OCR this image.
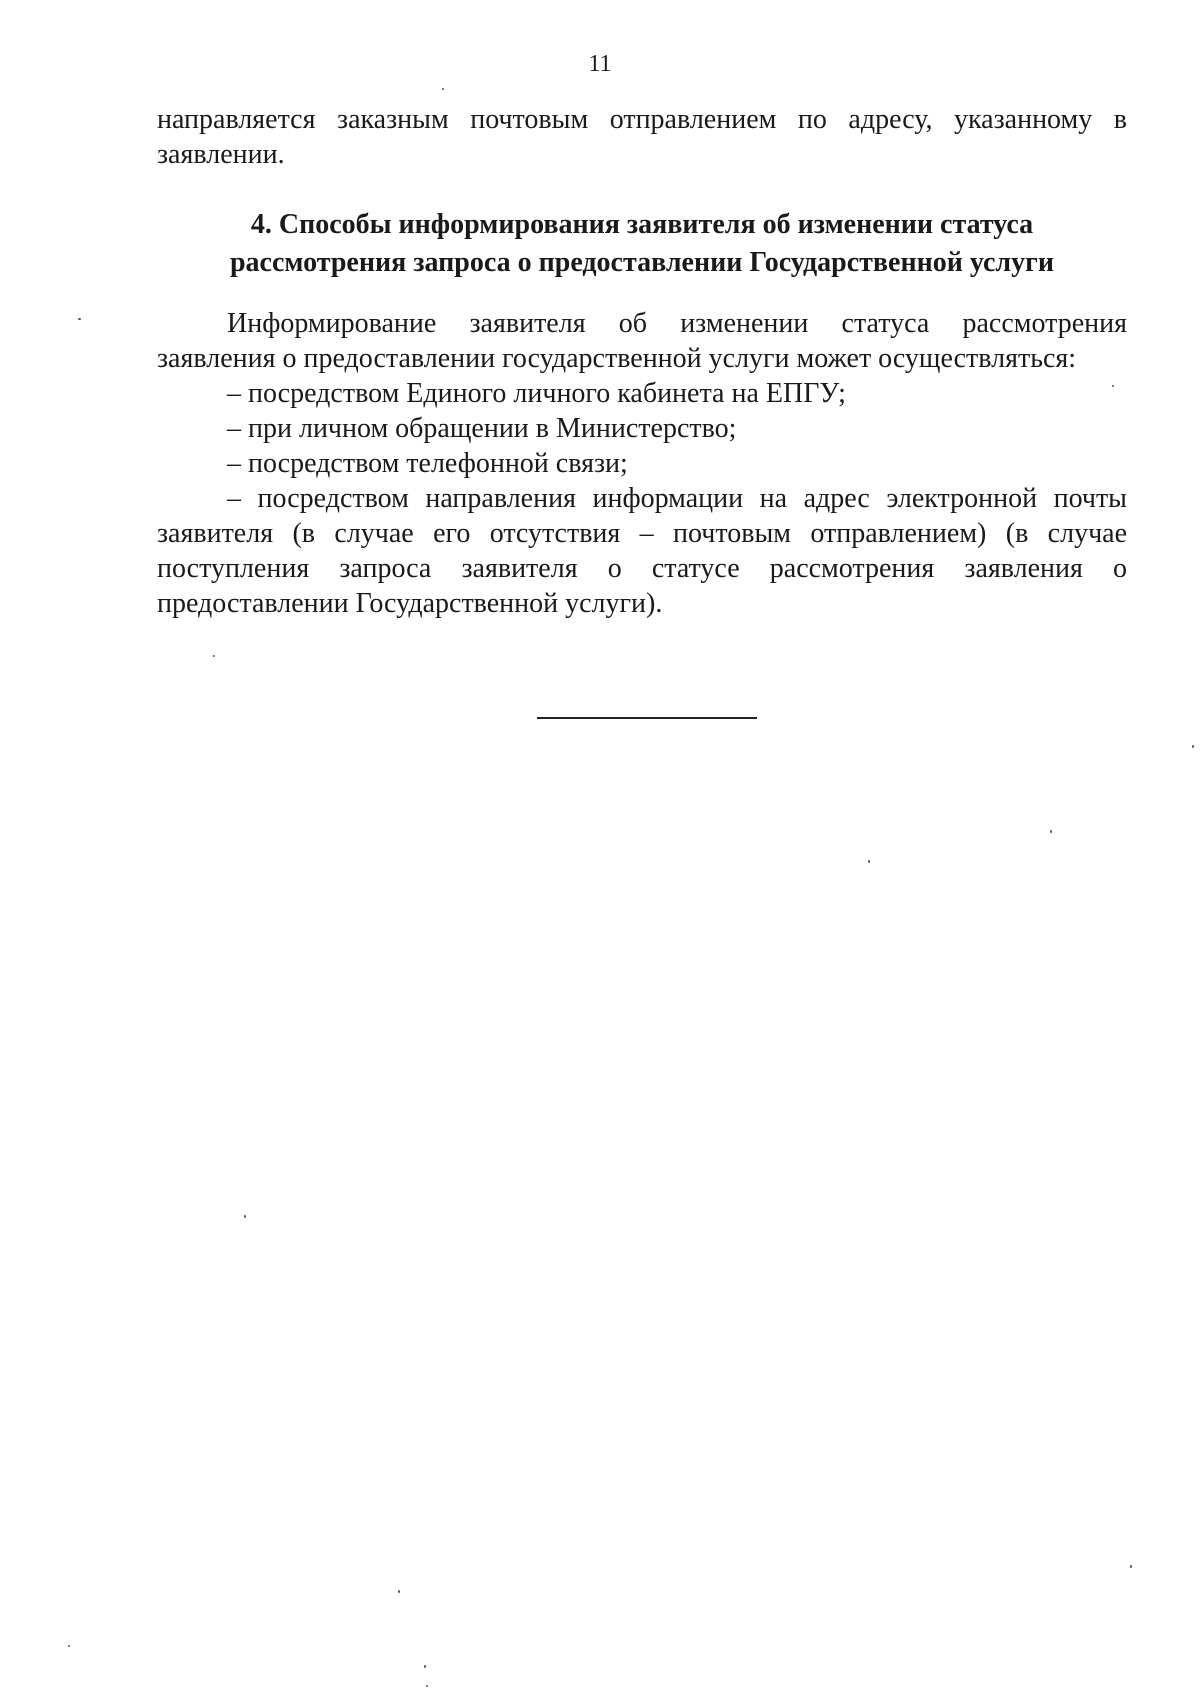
11
направляется заказным почтовым отправлением по адресу, указанному в
заявлении.
4. Способы информирования заявителя об изменении статуса
рассмотрения запроса о предоставлении Государственной услуги
Информирование заявителя об изменении статуса рассмотрения
заявления о предоставлении государственной услуги может осуществляться:
– посредством Единого личного кабинета на ЕПГУ;
– при личном обращении в Министерство;
– посредством телефонной связи;
– посредством направления информации на адрес электронной почты
заявителя (в случае его отсутствия – почтовым отправлением) (в случае
поступления запроса заявителя о статусе рассмотрения заявления о
предоставлении Государственной услуги).
